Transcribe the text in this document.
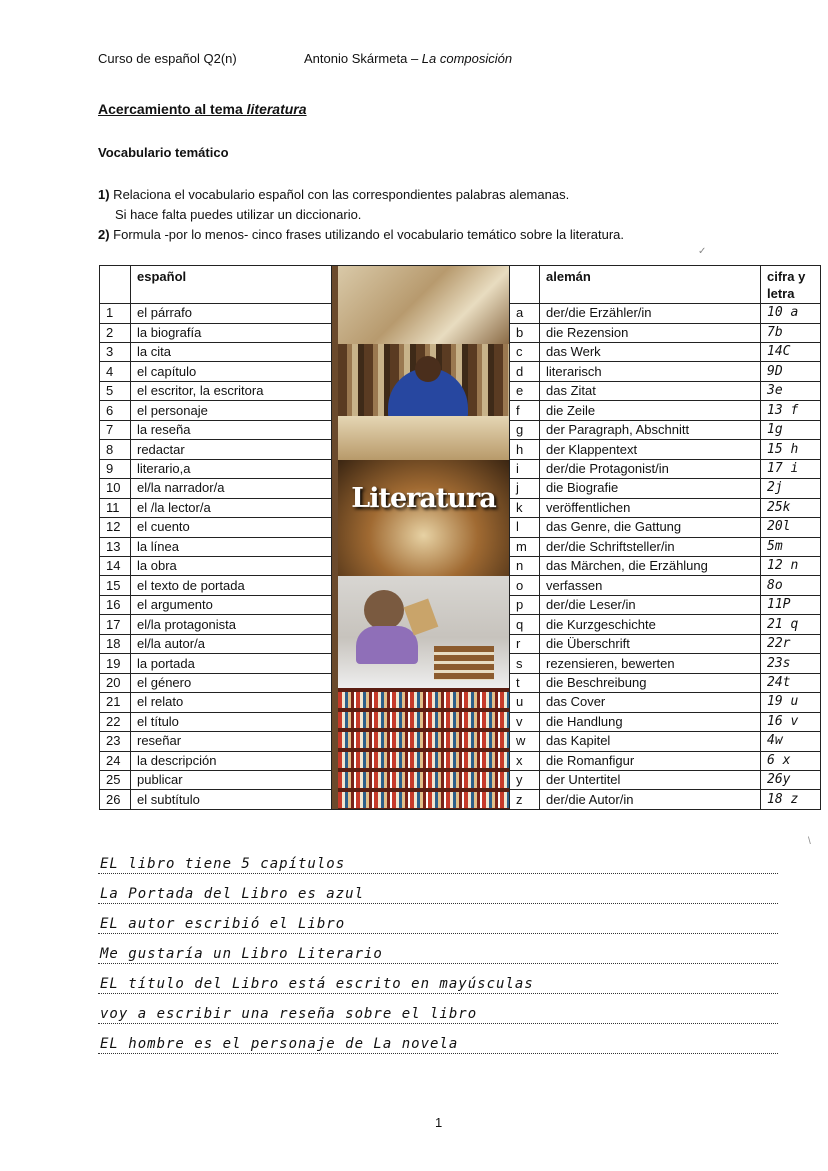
Curso de español Q2(n)	Antonio Skármeta – La composición
Acercamiento al tema literatura
Vocabulario temático
1) Relaciona el vocabulario español con las correspondientes palabras alemanas.
Si hace falta puedes utilizar un diccionario.
2) Formula -por lo menos- cinco frases utilizando el vocabulario temático sobre la literatura.
✓
	español	Literatura		alemán	cifra y
letra
1	el párrafo		a	der/die Erzähler/in	10 a
2	la biografía		b	die Rezension	7b
3	la cita		c	das Werk	14C
4	el capítulo		d	literarisch	9D
5	el escritor, la escritora		e	das Zitat	3e
6	el personaje		f	die Zeile	13 f
7	la reseña		g	der Paragraph, Abschnitt	1g
8	redactar		h	der Klappentext	15 h
9	literario,a		i	der/die Protagonist/in	17 i
10	el/la narrador/a		j	die Biografie	2j
11	el /la lector/a		k	veröffentlichen	25k
12	el cuento		l	das Genre, die Gattung	20l
13	la línea		m	der/die Schriftsteller/in	5m
14	la obra		n	das Märchen, die Erzählung	12 n
15	el texto de portada		o	verfassen	8o
16	el argumento		p	der/die Leser/in	11P
17	el/la protagonista		q	die Kurzgeschichte	21 q
18	el/la autor/a		r	die Überschrift	22r
19	la portada		s	rezensieren, bewerten	23s
20	el género		t	die Beschreibung	24t
21	el relato		u	das Cover	19 u
22	el título		v	die Handlung	16 v
23	reseñar		w	das Kapitel	4w
24	la descripción		x	die Romanfigur	6 x
25	publicar		y	der Untertitel	26y
26	el subtítulo		z	der/die Autor/in	18 z
EL libro tiene 5 capítulos
La Portada del Libro es azul
EL autor escribió el Libro
Me gustaría un Libro Literario
EL título del Libro está escrito en mayúsculas
voy a escribir una reseña sobre el libro
EL hombre es el personaje de La novela
\
1
